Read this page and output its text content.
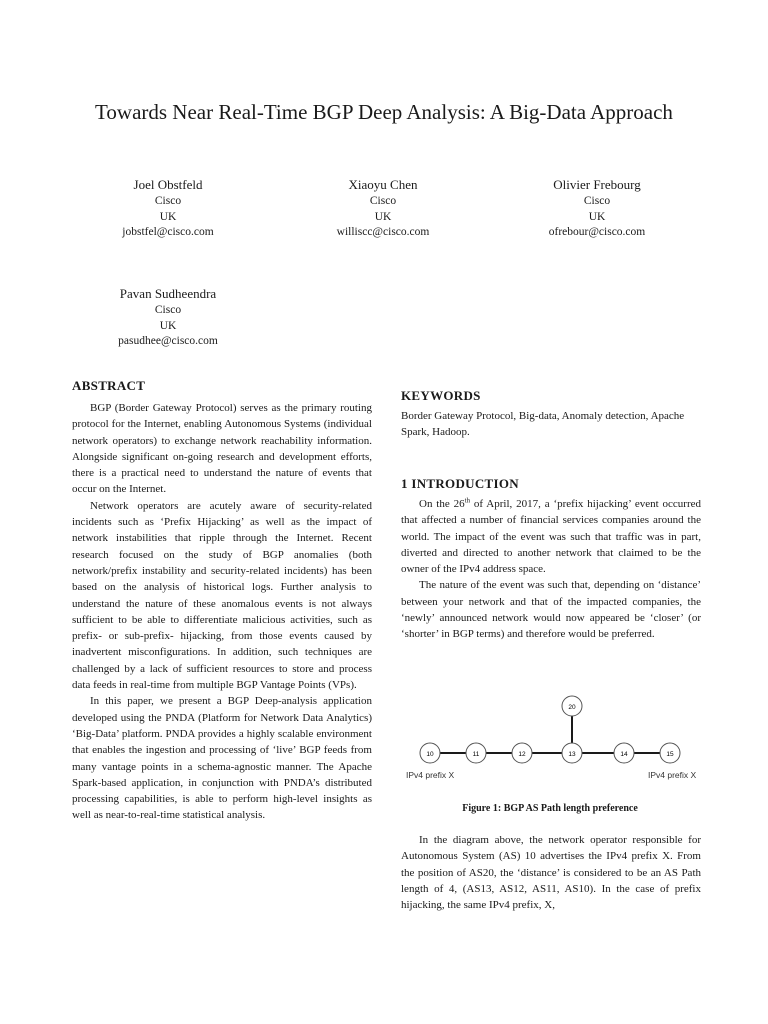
Towards Near Real-Time BGP Deep Analysis: A Big-Data Approach
Joel Obstfeld
Cisco
UK
jobstfel@cisco.com
Xiaoyu Chen
Cisco
UK
williscc@cisco.com
Olivier Frebourg
Cisco
UK
ofrebour@cisco.com
Pavan Sudheendra
Cisco
UK
pasudhee@cisco.com
ABSTRACT

BGP (Border Gateway Protocol) serves as the primary routing protocol for the Internet, enabling Autonomous Systems (individual network operators) to exchange network reachability information. Alongside significant on-going research and development efforts, there is a practical need to understand the nature of events that occur on the Internet.

Network operators are acutely aware of security-related incidents such as ‘Prefix Hijacking’ as well as the impact of network instabilities that ripple through the Internet. Recent research focused on the study of BGP anomalies (both network/prefix instability and security-related incidents) has been based on the analysis of historical logs. Further analysis to understand the nature of these anomalous events is not always sufficient to be able to differentiate malicious activities, such as prefix- or sub-prefix- hijacking, from those events caused by inadvertent misconfigurations. In addition, such techniques are challenged by a lack of sufficient resources to store and process data feeds in real-time from multiple BGP Vantage Points (VPs).

In this paper, we present a BGP Deep-analysis application developed using the PNDA (Platform for Network Data Analytics) ‘Big-Data’ platform. PNDA provides a highly scalable environment that enables the ingestion and processing of ‘live’ BGP feeds from many vantage points in a schema-agnostic manner. The Apache Spark-based application, in conjunction with PNDA’s distributed processing capabilities, is able to perform high-level insights as well as near-to-real-time statistical analysis.

KEYWORDS

Border Gateway Protocol, Big-data, Anomaly detection, Apache Spark, Hadoop.

1 INTRODUCTION

On the 26th of April, 2017, a ‘prefix hijacking’ event occurred that affected a number of financial services companies around the world. The impact of the event was such that traffic was in part, diverted and directed to another network that claimed to be the owner of the IPv4 address space.

The nature of the event was such that, depending on ‘distance’ between your network and that of the impacted companies, the ‘newly’ announced network would now appeared be ‘closer’ (or ‘shorter’ in BGP terms) and therefore would be preferred.

10	11	12	13	14	15
20
IPv4 prefix X	IPv4 prefix X
Figure 1: BGP AS Path length preference

In the diagram above, the network operator responsible for Autonomous System (AS) 10 advertises the IPv4 prefix X. From the position of AS20, the ‘distance’ is considered to be an AS Path length of 4, (AS13, AS12, AS11, AS10). In the case of prefix hijacking, the same IPv4 prefix, X,
